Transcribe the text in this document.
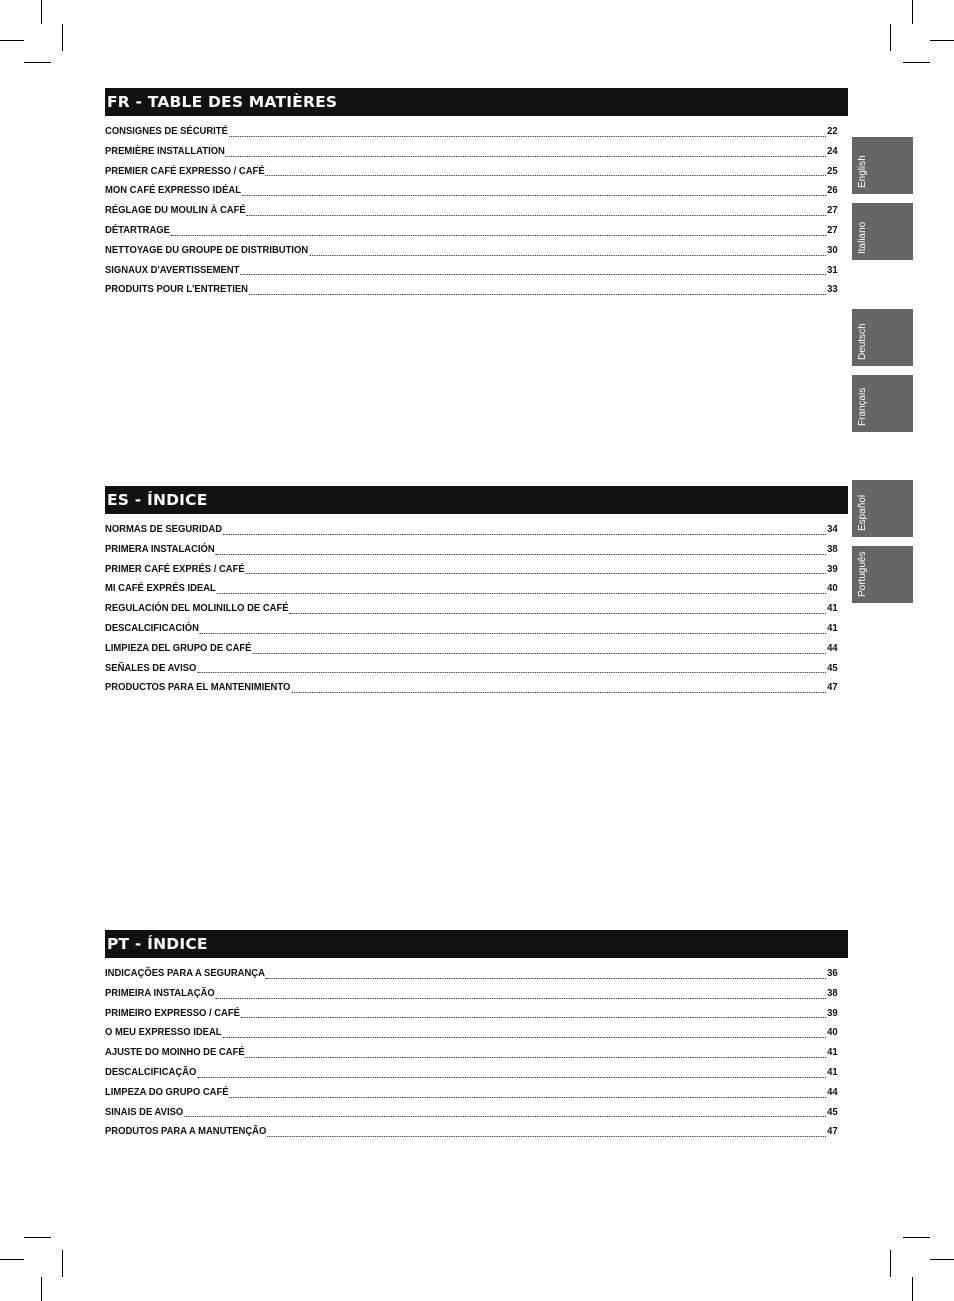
FR - TABLE DES MATIÈRES
CONSIGNES DE SÉCURITÉ	22
PREMIÈRE INSTALLATION	24
PREMIER CAFÉ EXPRESSO / CAFÉ	25
MON CAFÉ EXPRESSO IDÉAL	26
RÉGLAGE DU MOULIN À CAFÉ	27
DÉTARTRAGE	27
NETTOYAGE DU GROUPE DE DISTRIBUTION	30
SIGNAUX D'AVERTISSEMENT	31
PRODUITS POUR L'ENTRETIEN	33
ES - ÍNDICE
NORMAS DE SEGURIDAD	34
PRIMERA INSTALACIÓN	38
PRIMER CAFÉ EXPRÉS / CAFÉ	39
MI CAFÉ EXPRÉS IDEAL	40
REGULACIÓN DEL MOLINILLO DE CAFÉ	41
DESCALCIFICACIÓN	41
LIMPIEZA DEL GRUPO DE CAFÉ	44
SEÑALES DE AVISO	45
PRODUCTOS PARA EL MANTENIMIENTO	47
PT - ÍNDICE
INDICAÇÕES PARA A SEGURANÇA	36
PRIMEIRA INSTALAÇÃO	38
PRIMEIRO EXPRESSO / CAFÉ	39
O MEU EXPRESSO IDEAL	40
AJUSTE DO MOINHO DE CAFÉ	41
DESCALCIFICAÇÃO	41
LIMPEZA DO GRUPO CAFÉ	44
SINAIS DE AVISO	45
PRODUTOS PARA A MANUTENÇÃO	47
English
Italiano
Deutsch
Français
Español
Português
